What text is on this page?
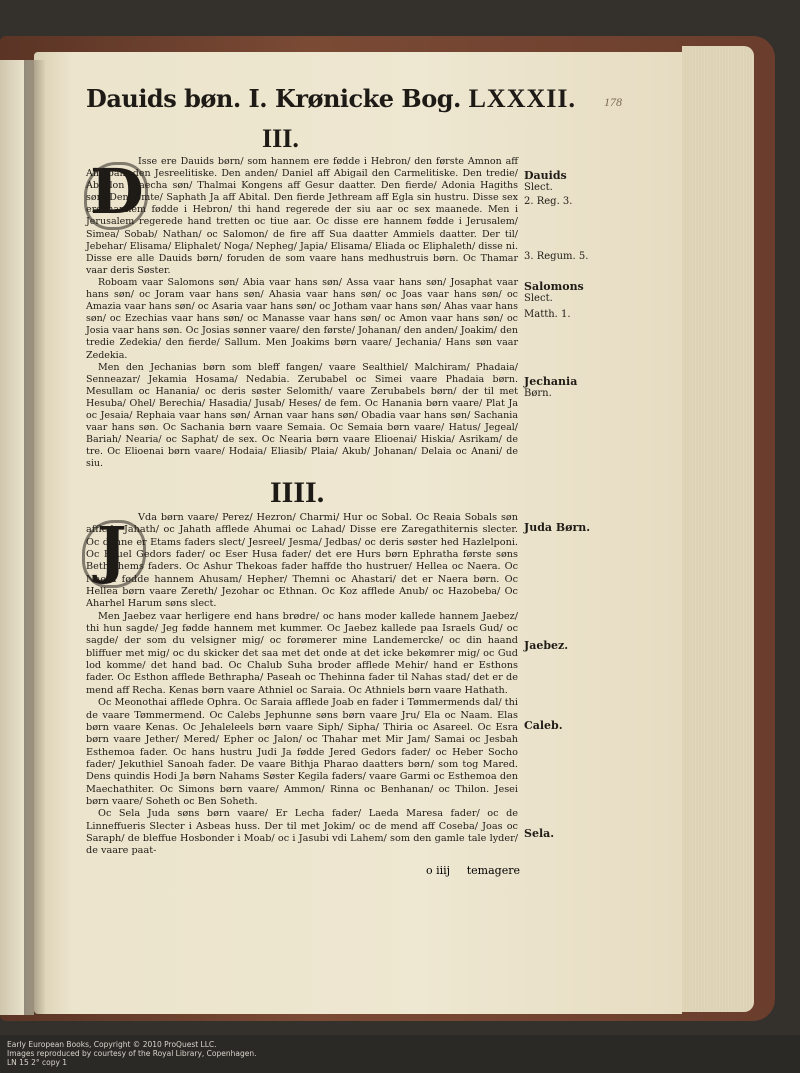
Dauids bøn. I. Krønicke Bog. LXXXII. 178
III.
D

Isse ere Dauids børn/ som hannem ere fødde i Hebron/ den første Amnon aff Ahinoam den Jesreelitiske. Den anden/ Daniel aff Abigail den Carmelitiske. Den tredie/ Absalon Maecha søn/ Thalmai Kongens aff Gesur daatter. Den fierde/ Adonia Hagiths søn. Den femte/ Saphath Ja aff Abital. Den fierde Jethream aff Egla sin hustru. Disse sex ere hannem fødde i Hebron/ thi hand regerede der siu aar oc sex maanede. Men i Jerusalem regerede hand tretten oc tiue aar. Oc disse ere hannem fødde i Jerusalem/ Simea/ Sobab/ Nathan/ oc Salomon/ de fire aff Sua daatter Ammiels daatter. Der til/ Jebehar/ Elisama/ Eliphalet/ Noga/ Nepheg/ Japia/ Elisama/ Eliada oc Eliphaleth/ disse ni. Disse ere alle Dauids børn/ foruden de som vaare hans medhustruis børn. Oc Thamar vaar deris Søster.

Roboam vaar Salomons søn/ Abia vaar hans søn/ Assa vaar hans søn/ Josaphat vaar hans søn/ oc Joram vaar hans søn/ Ahasia vaar hans søn/ oc Joas vaar hans søn/ oc Amazia vaar hans søn/ oc Asaria vaar hans søn/ oc Jotham vaar hans søn/ Ahas vaar hans søn/ oc Ezechias vaar hans søn/ oc Manasse vaar hans søn/ oc Amon vaar hans søn/ oc Josia vaar hans søn. Oc Josias sønner vaare/ den første/ Johanan/ den anden/ Joakim/ den tredie Zedekia/ den fierde/ Sallum. Men Joakims børn vaare/ Jechania/ Hans søn vaar Zedekia.

Men den Jechanias børn som bleff fangen/ vaare Sealthiel/ Malchiram/ Phadaia/ Senneazar/ Jekamia Hosama/ Nedabia. Zerubabel oc Simei vaare Phadaia børn. Mesullam oc Hanania/ oc deris søster Selomith/ vaare Zerubabels børn/ der til met Hesuba/ Ohel/ Berechia/ Hasadia/ Jusab/ Heses/ de fem. Oc Hanania børn vaare/ Plat Ja oc Jesaia/ Rephaia vaar hans søn/ Arnan vaar hans søn/ Obadia vaar hans søn/ Sachania vaar hans søn. Oc Sachania børn vaare Semaia. Oc Semaia børn vaare/ Hatus/ Jegeal/ Bariah/ Nearia/ oc Saphat/ de sex. Oc Nearia børn vaare Elioenai/ Hiskia/ Asrikam/ de tre. Oc Elioenai børn vaare/ Hodaia/ Eliasib/ Plaia/ Akub/ Johanan/ Delaia oc Anani/ de siu.

IIII.
J	Vda børn vaare/ Perez/ Hezron/ Charmi/ Hur oc Sobal. Oc Reaia Sobals søn afflede Jahath/ oc Jahath afflede Ahumai oc Lahad/ Disse ere Zaregathiternis slecter. Oc denne er Etams faders slect/ Jesreel/ Jesma/ Jedbas/ oc deris søster hed Hazlelponi. Oc Pnuel Gedors fader/ oc Eser Husa fader/ det ere Hurs børn Ephratha første søns Bethlehems faders. Oc Ashur Thekoas fader haffde tho hustruer/ Hellea oc Naera. Oc Naera fødde hannem Ahusam/ Hepher/ Themni oc Ahastari/ det er Naera børn. Oc Hellea børn vaare Zereth/ Jezohar oc Ethnan. Oc Koz afflede Anub/ oc Hazobeba/ Oc Aharhel Harum søns slect.

Men Jaebez vaar herligere end hans brødre/ oc hans moder kallede hannem Jaebez/ thi hun sagde/ Jeg fødde hannem met kummer. Oc Jaebez kallede paa Israels Gud/ oc sagde/ der som du velsigner mig/ oc forømerer mine Landemercke/ oc din haand bliffuer met mig/ oc du skicker det saa met det onde at det icke bekømrer mig/ oc Gud lod komme/ det hand bad. Oc Chalub Suha broder afflede Mehir/ hand er Esthons fader. Oc Esthon afflede Bethrapha/ Paseah oc Thehinna fader til Nahas stad/ det er de mend aff Recha. Kenas børn vaare Athniel oc Saraia. Oc Athniels børn vaare Hathath.

Oc Meonothai afflede Ophra. Oc Saraia afflede Joab en fader i Tømmermends dal/ thi de vaare Tømmermend. Oc Calebs Jephunne søns børn vaare Jru/ Ela oc Naam. Elas børn vaare Kenas. Oc Jehaleleels børn vaare Siph/ Sipha/ Thiria oc Asareel. Oc Esra børn vaare Jether/ Mered/ Epher oc Jalon/ oc Thahar met Mir Jam/ Samai oc Jesbah Esthemoa fader. Oc hans hustru Judi Ja fødde Jered Gedors fader/ oc Heber Socho fader/ Jekuthiel Sanoah fader. De vaare Bithja Pharao daatters børn/ som tog Mared. Dens quindis Hodi Ja børn Nahams Søster Kegila faders/ vaare Garmi oc Esthemoa den Maechathiter. Oc Simons børn vaare/ Ammon/ Rinna oc Benhanan/ oc Thilon. Jesei børn vaare/ Soheth oc Ben Soheth.

Oc Sela Juda søns børn vaare/ Er Lecha fader/ Laeda Maresa fader/ oc de Linneffueris Slecter i Asbeas huss. Der til met Jokim/ oc de mend aff Coseba/ Joas oc Saraph/ de bleffue Hosbonder i Moab/ oc i Jasubi vdi Lahem/ som den gamle tale lyder/ de vaare paat-

Dauids
Slect.
2. Reg. 3.
3. Regum. 5.
Salomons
Slect.
Matth. 1.
Jechania
Børn.
Juda Børn.
Jaebez.
Caleb.
Sela.
o iiij temagere
Early European Books, Copyright © 2010 ProQuest LLC.
Images reproduced by courtesy of the Royal Library, Copenhagen.
LN 15 2° copy 1
